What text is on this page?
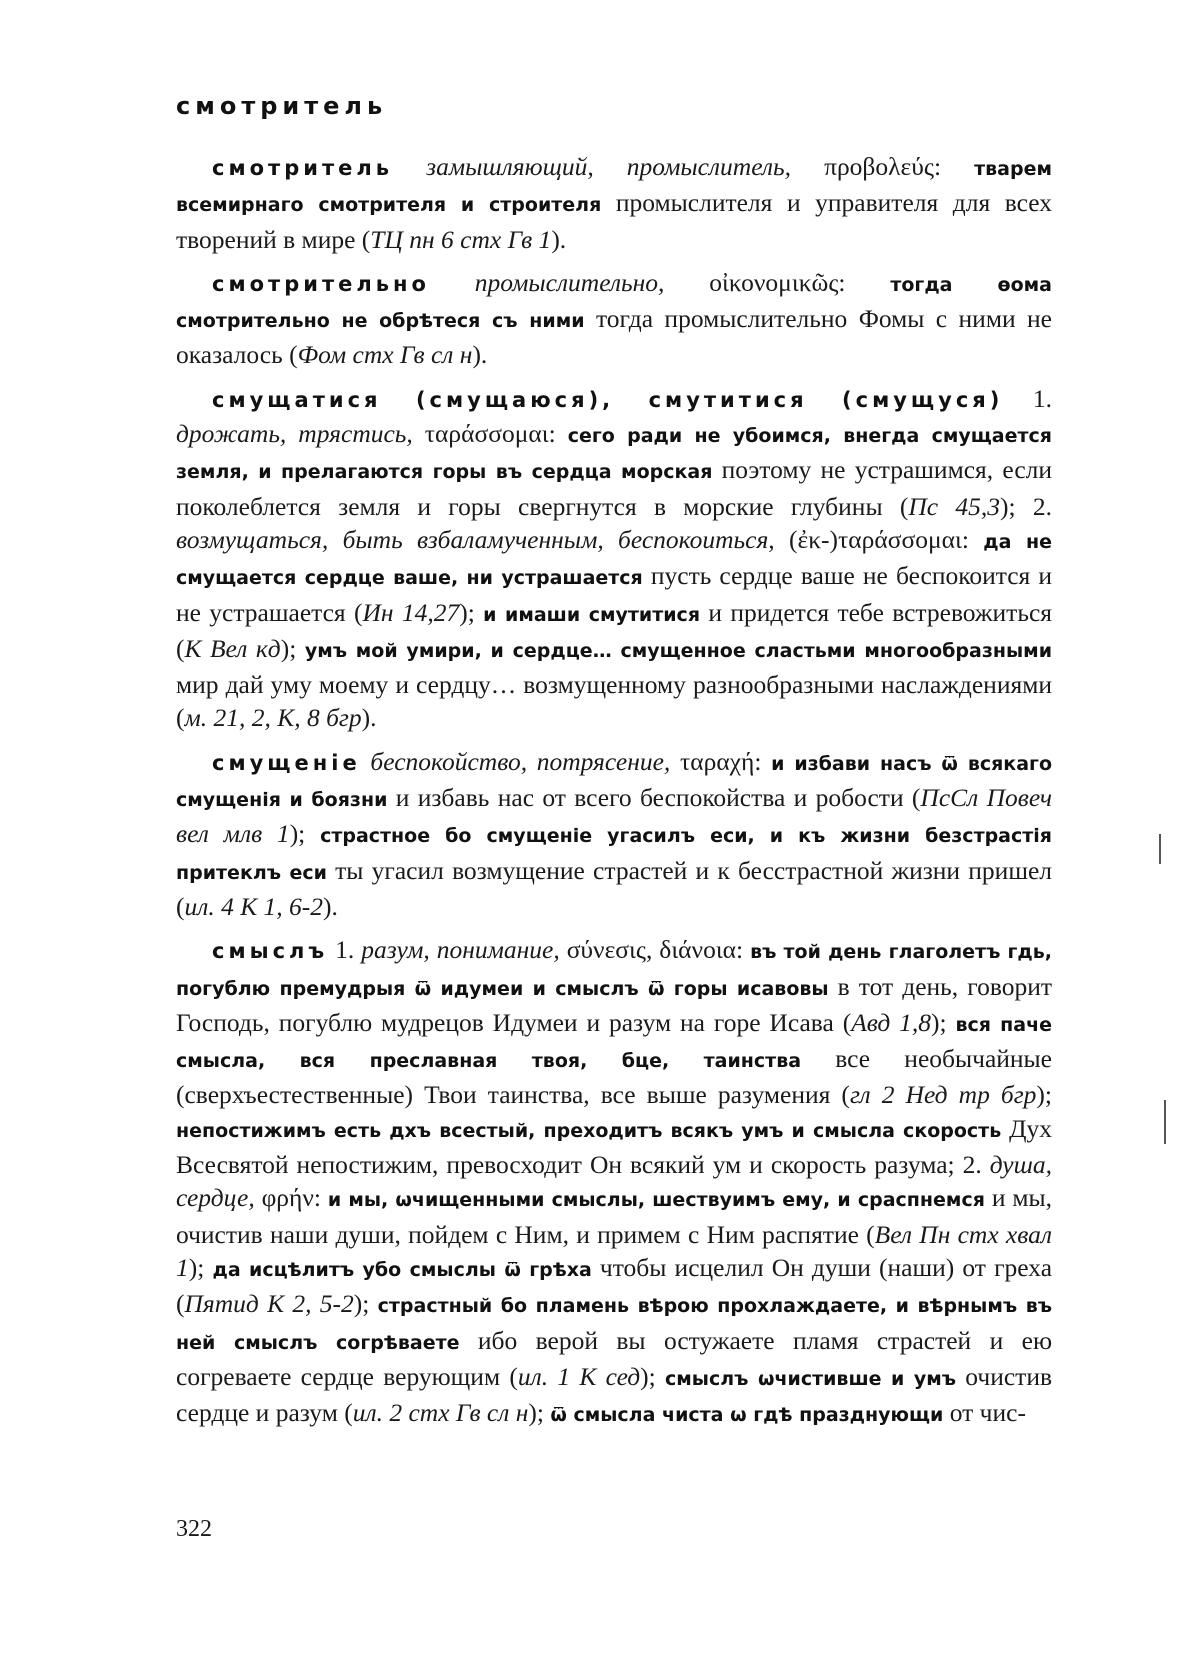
смотритель

смотритель замышляющий, промыслитель, προβολεύς: тварем всемирнаго смотрителя и строителя промыслителя и управителя для всех творений в мире (ТЦ пн 6 стх Гв 1).

смотрительно промыслительно, οἰκονομικῶς: тогда ѳома смотрительно не обрѣтеся съ ними тогда промыслительно Фомы с ними не оказалось (Фом стх Гв сл н).

смущатися (смущаюся), смутитися (смущуся) 1. дрожать, трястись, ταράσσομαι: сего ради не убоимся, внегда смущается земля, и прелагаются горы въ сердца морская поэтому не устрашимся, если поколеблется земля и горы свергнутся в морские глубины (Пс 45,3); 2. возмущаться, быть взбаламученным, беспокоиться, (ἐκ-)ταράσσομαι: да не смущается сердце ваше, ни устрашается пусть сердце ваше не беспокоится и не устрашается (Ин 14,27); и имаши смутитися и придется тебе встревожиться (К Вел кд); умъ мой умири, и сердце… смущенное сластьми многообразными мир дай уму моему и сердцу… возмущенному разнообразными наслаждениями (м. 21, 2, К, 8 бгр).

смущеніе беспокойство, потрясение, ταραχή: и избави насъ ѿ всякаго смущенія и боязни и избавь нас от всего беспокойства и робости (ПсСл Повеч вел млв 1); страстное бо смущеніе угасилъ еси, и къ жизни безстрастія притеклъ еси ты угасил возмущение страстей и к бесстрастной жизни пришел (ил. 4 К 1, 6-2).

смыслъ 1. разум, понимание, σύνεσις, διάνοια: въ той день глаголетъ гдь, погублю премудрыя ѿ идумеи и смыслъ ѿ горы исавовы в тот день, говорит Господь, погублю мудрецов Идумеи и разум на горе Исава (Авд 1,8); вся паче смысла, вся преславная твоя, бце, таинства все необычайные (сверхъестественные) Твои таинства, все выше разумения (гл 2 Нед тр бгр); непостижимъ есть дхъ всестый, преходитъ всякъ умъ и смысла скорость Дух Всесвятой непостижим, превосходит Он всякий ум и скорость разума; 2. душа, сердце, φρήν: и мы, ѡчищенными смыслы, шествуимъ ему, и сраспнемся и мы, очистив наши души, пойдем с Ним, и примем с Ним распятие (Вел Пн стх хвал 1); да исцѣлитъ убо смыслы ѿ грѣха чтобы исцелил Он души (наши) от греха (Пятид К 2, 5-2); страстный бо пламень вѣрою прохлаждаете, и вѣрнымъ въ ней смыслъ согрѣваете ибо верой вы остужаете пламя страстей и ею согреваете сердце верующим (ил. 1 К сед); смыслъ ѡчистивше и умъ очистив сердце и разум (ил. 2 стх Гв сл н); ѿ смысла чиста ѡ гдѣ празднующи от чис-

322
